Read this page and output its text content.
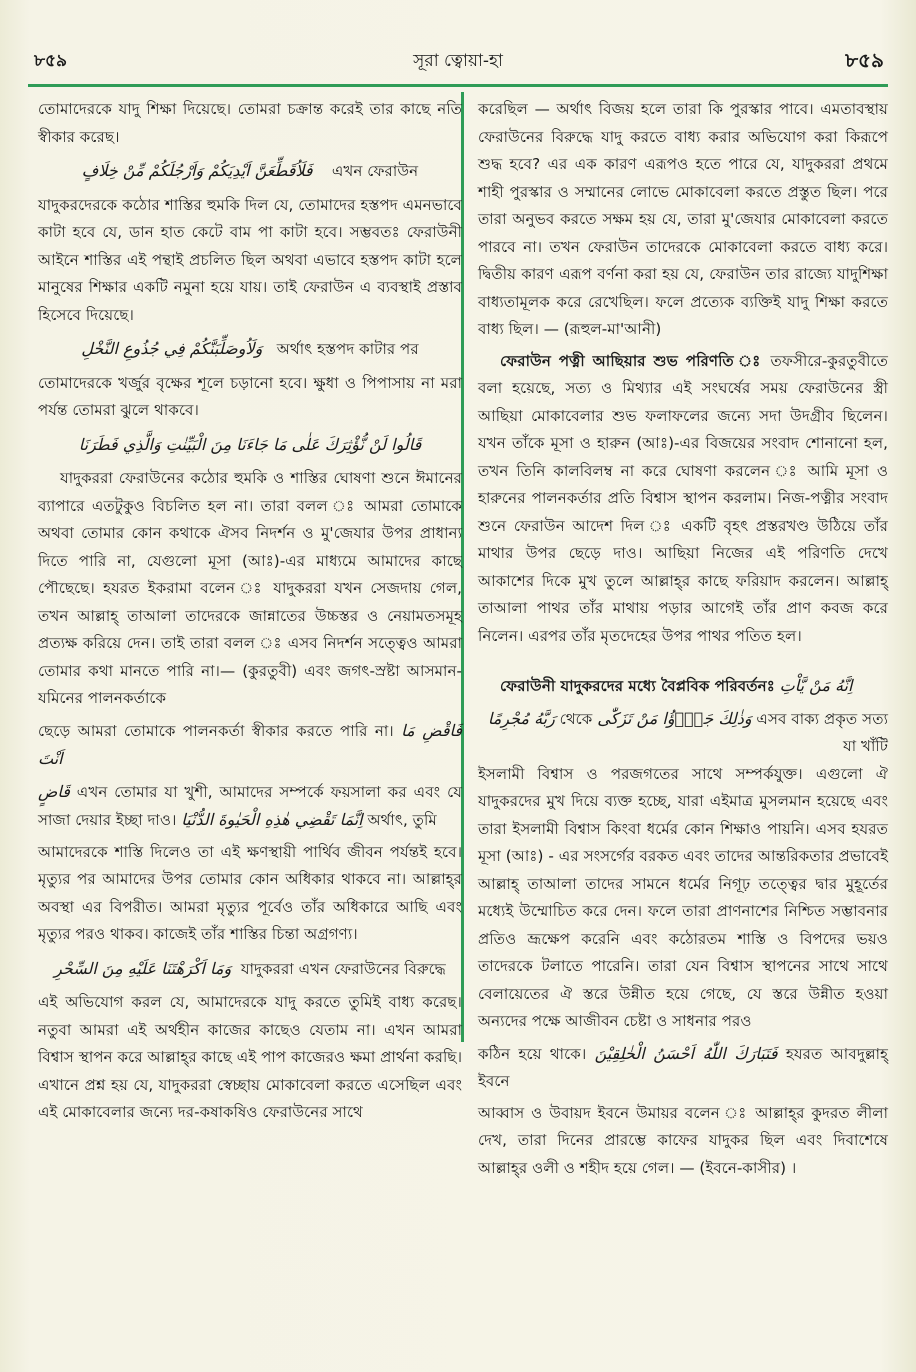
৮৫৯	সূরা ত্বোয়া-হা	৮৫৯

তোমাদেরকে যাদু শিক্ষা দিয়েছে। তোমরা চক্রান্ত করেই তার কাছে নতি স্বীকার করেছ।

فَلَاُقَطِّعَنَّ اَيْدِيَكُمْ وَاَرْجُلَكُمْ مِّنْ خِلَافٍ এখন ফেরাউন

যাদুকরদেরকে কঠোর শাস্তির হুমকি দিল যে, তোমাদের হস্তপদ এমনভাবে কাটা হবে যে, ডান হাত কেটে বাম পা কাটা হবে। সম্ভবতঃ ফেরাউনী আইনে শাস্তির এই পন্থাই প্রচলিত ছিল অথবা এভাবে হস্তপদ কাটা হলে মানুষের শিক্ষার একটি নমুনা হয়ে যায়। তাই ফেরাউন এ ব্যবস্থাই প্রস্তাব হিসেবে দিয়েছে।

وَلَاُوصَلِّبَنَّكُمْ فِي جُذُوعِ النَّخْلِ অর্থাৎ হস্তপদ কাটার পর

তোমাদেরকে খর্জুর বৃক্ষের শূলে চড়ানো হবে। ক্ষুধা ও পিপাসায় না মরা পর্যন্ত তোমরা ঝুলে থাকবে।

قَالُوا لَنْ نُّؤْثِرَكَ عَلٰى مَا جَاءَنَا مِنَ الْبَيِّنٰتِ وَالَّذِي فَطَرَنَا

যাদুকররা ফেরাউনের কঠোর হুমকি ও শাস্তির ঘোষণা শুনে ঈমানের ব্যাপারে এতটুকুও বিচলিত হল না। তারা বলল ঃ আমরা তোমাকে অথবা তোমার কোন কথাকে ঐসব নিদর্শন ও মু'জেযার উপর প্রাধান্য দিতে পারি না, যেগুলো মূসা (আঃ)-এর মাধ্যমে আমাদের কাছে পৌছেছে। হযরত ইকরামা বলেন ঃ যাদুকররা যখন সেজদায় গেল, তখন আল্লাহ্ তাআলা তাদেরকে জান্নাতের উচ্চস্তর ও নেয়ামতসমূহ প্রত্যক্ষ করিয়ে দেন। তাই তারা বলল ঃ এসব নিদর্শন সত্ত্বেও আমরা তোমার কথা মানতে পারি না।— (কুরতুবী) এবং জগৎ-স্রষ্টা আসমান-যমিনের পালনকর্তাকে

ছেড়ে আমরা তোমাকে পালনকর্তা স্বীকার করতে পারি না। فَاقْضِ مَا اَنْتَ

قَاضٍ এখন তোমার যা খুশী, আমাদের সম্পর্কে ফয়সালা কর এবং যে সাজা দেয়ার ইচ্ছা দাও। اِنَّمَا تَقْضِي هٰذِهِ الْحَيٰوةَ الدُّنْيَا অর্থাৎ, তুমি

আমাদেরকে শাস্তি দিলেও তা এই ক্ষণস্থায়ী পার্থিব জীবন পর্যন্তই হবে। মৃত্যুর পর আমাদের উপর তোমার কোন অধিকার থাকবে না। আল্লাহ্‌র অবস্থা এর বিপরীত। আমরা মৃত্যুর পূর্বেও তাঁর অধিকারে আছি এবং মৃত্যুর পরও থাকব। কাজেই তাঁর শাস্তির চিন্তা অগ্রগণ্য।

وَمَا اَكْرَهْتَنَا عَلَيْهِ مِنَ السِّحْرِ যাদুকররা এখন ফেরাউনের বিরুদ্ধে

এই অভিযোগ করল যে, আমাদেরকে যাদু করতে তুমিই বাধ্য করেছ। নতুবা আমরা এই অর্থহীন কাজের কাছেও যেতাম না। এখন আমরা বিশ্বাস স্থাপন করে আল্লাহ্‌র কাছে এই পাপ কাজেরও ক্ষমা প্রার্থনা করছি। এখানে প্রশ্ন হয় যে, যাদুকররা স্বেচ্ছায় মোকাবেলা করতে এসেছিল এবং এই মোকাবেলার জন্যে দর-কষাকষিও ফেরাউনের সাথে

করেছিল — অর্থাৎ বিজয় হলে তারা কি পুরস্কার পাবে। এমতাবস্থায় ফেরাউনের বিরুদ্ধে যাদু করতে বাধ্য করার অভিযোগ করা কিরূপে শুদ্ধ হবে? এর এক কারণ এরূপও হতে পারে যে, যাদুকররা প্রথমে শাহী পুরস্কার ও সম্মানের লোভে মোকাবেলা করতে প্রস্তুত ছিল। পরে তারা অনুভব করতে সক্ষম হয় যে, তারা মু'জেযার মোকাবেলা করতে পারবে না। তখন ফেরাউন তাদেরকে মোকাবেলা করতে বাধ্য করে। দ্বিতীয় কারণ এরূপ বর্ণনা করা হয় যে, ফেরাউন তার রাজ্যে যাদুশিক্ষা বাধ্যতামূলক করে রেখেছিল। ফলে প্রত্যেক ব্যক্তিই যাদু শিক্ষা করতে বাধ্য ছিল। — (রূহুল-মা'আনী)

ফেরাউন পত্নী আছিয়ার শুভ পরিণতি ঃ তফসীরে-কুরতুবীতে বলা হয়েছে, সত্য ও মিথ্যার এই সংঘর্ষের সময় ফেরাউনের স্ত্রী আছিয়া মোকাবেলার শুভ ফলাফলের জন্যে সদা উদগ্রীব ছিলেন। যখন তাঁকে মূসা ও হারুন (আঃ)-এর বিজয়ের সংবাদ শোনানো হল, তখন তিনি কালবিলম্ব না করে ঘোষণা করলেন ঃ আমি মূসা ও হারুনের পালনকর্তার প্রতি বিশ্বাস স্থাপন করলাম। নিজ-পত্নীর সংবাদ শুনে ফেরাউন আদেশ দিল ঃ একটি বৃহৎ প্রস্তরখণ্ড উঠিয়ে তাঁর মাথার উপর ছেড়ে দাও। আছিয়া নিজের এই পরিণতি দেখে আকাশের দিকে মুখ তুলে আল্লাহ্‌র কাছে ফরিয়াদ করলেন। আল্লাহ্ তাআলা পাথর তাঁর মাথায় পড়ার আগেই তাঁর প্রাণ কবজ করে নিলেন। এরপর তাঁর মৃতদেহের উপর পাথর পতিত হল।

ফেরাউনী যাদুকরদের মধ্যে বৈপ্লবিক পরিবর্তনঃ اِنَّهُ مَنْ يَّاْتِ

رَبَّهُ مُجْرِمًا থেকে وَذٰلِكَ جَزٰۤؤُا مَنْ تَزَكّٰى এসব বাক্য প্রকৃত সত্য যা খাঁটি

ইসলামী বিশ্বাস ও পরজগতের সাথে সম্পর্কযুক্ত। এগুলো ঐ যাদুকরদের মুখ দিয়ে ব্যক্ত হচ্ছে, যারা এইমাত্র মুসলমান হয়েছে এবং তারা ইসলামী বিশ্বাস কিংবা ধর্মের কোন শিক্ষাও পায়নি। এসব হযরত মূসা (আঃ) - এর সংসর্গের বরকত এবং তাদের আন্তরিকতার প্রভাবেই আল্লাহ্ তাআলা তাদের সামনে ধর্মের নিগূঢ় তত্ত্বের দ্বার মুহূর্তের মধ্যেই উম্মোচিত করে দেন। ফলে তারা প্রাণনাশের নিশ্চিত সম্ভাবনার প্রতিও ভ্রূক্ষেপ করেনি এবং কঠোরতম শাস্তি ও বিপদের ভয়ও তাদেরকে টলাতে পারেনি। তারা যেন বিশ্বাস স্থাপনের সাথে সাথে বেলায়েতের ঐ স্তরে উন্নীত হয়ে গেছে, যে স্তরে উন্নীত হওয়া অন্যদের পক্ষে আজীবন চেষ্টা ও সাধনার পরও

কঠিন হয়ে থাকে। فَتَبَارَكَ اللّٰهُ اَحْسَنُ الْخٰلِقِيْنَ হযরত আবদুল্লাহ্ ইবনে

আব্বাস ও উবায়দ ইবনে উমায়র বলেন ঃ আল্লাহ্‌র কুদরত লীলা দেখ, তারা দিনের প্রারম্ভে কাফের যাদুকর ছিল এবং দিবাশেষে আল্লাহ্‌র ওলী ও শহীদ হয়ে গেল। — (ইবনে-কাসীর) ।
